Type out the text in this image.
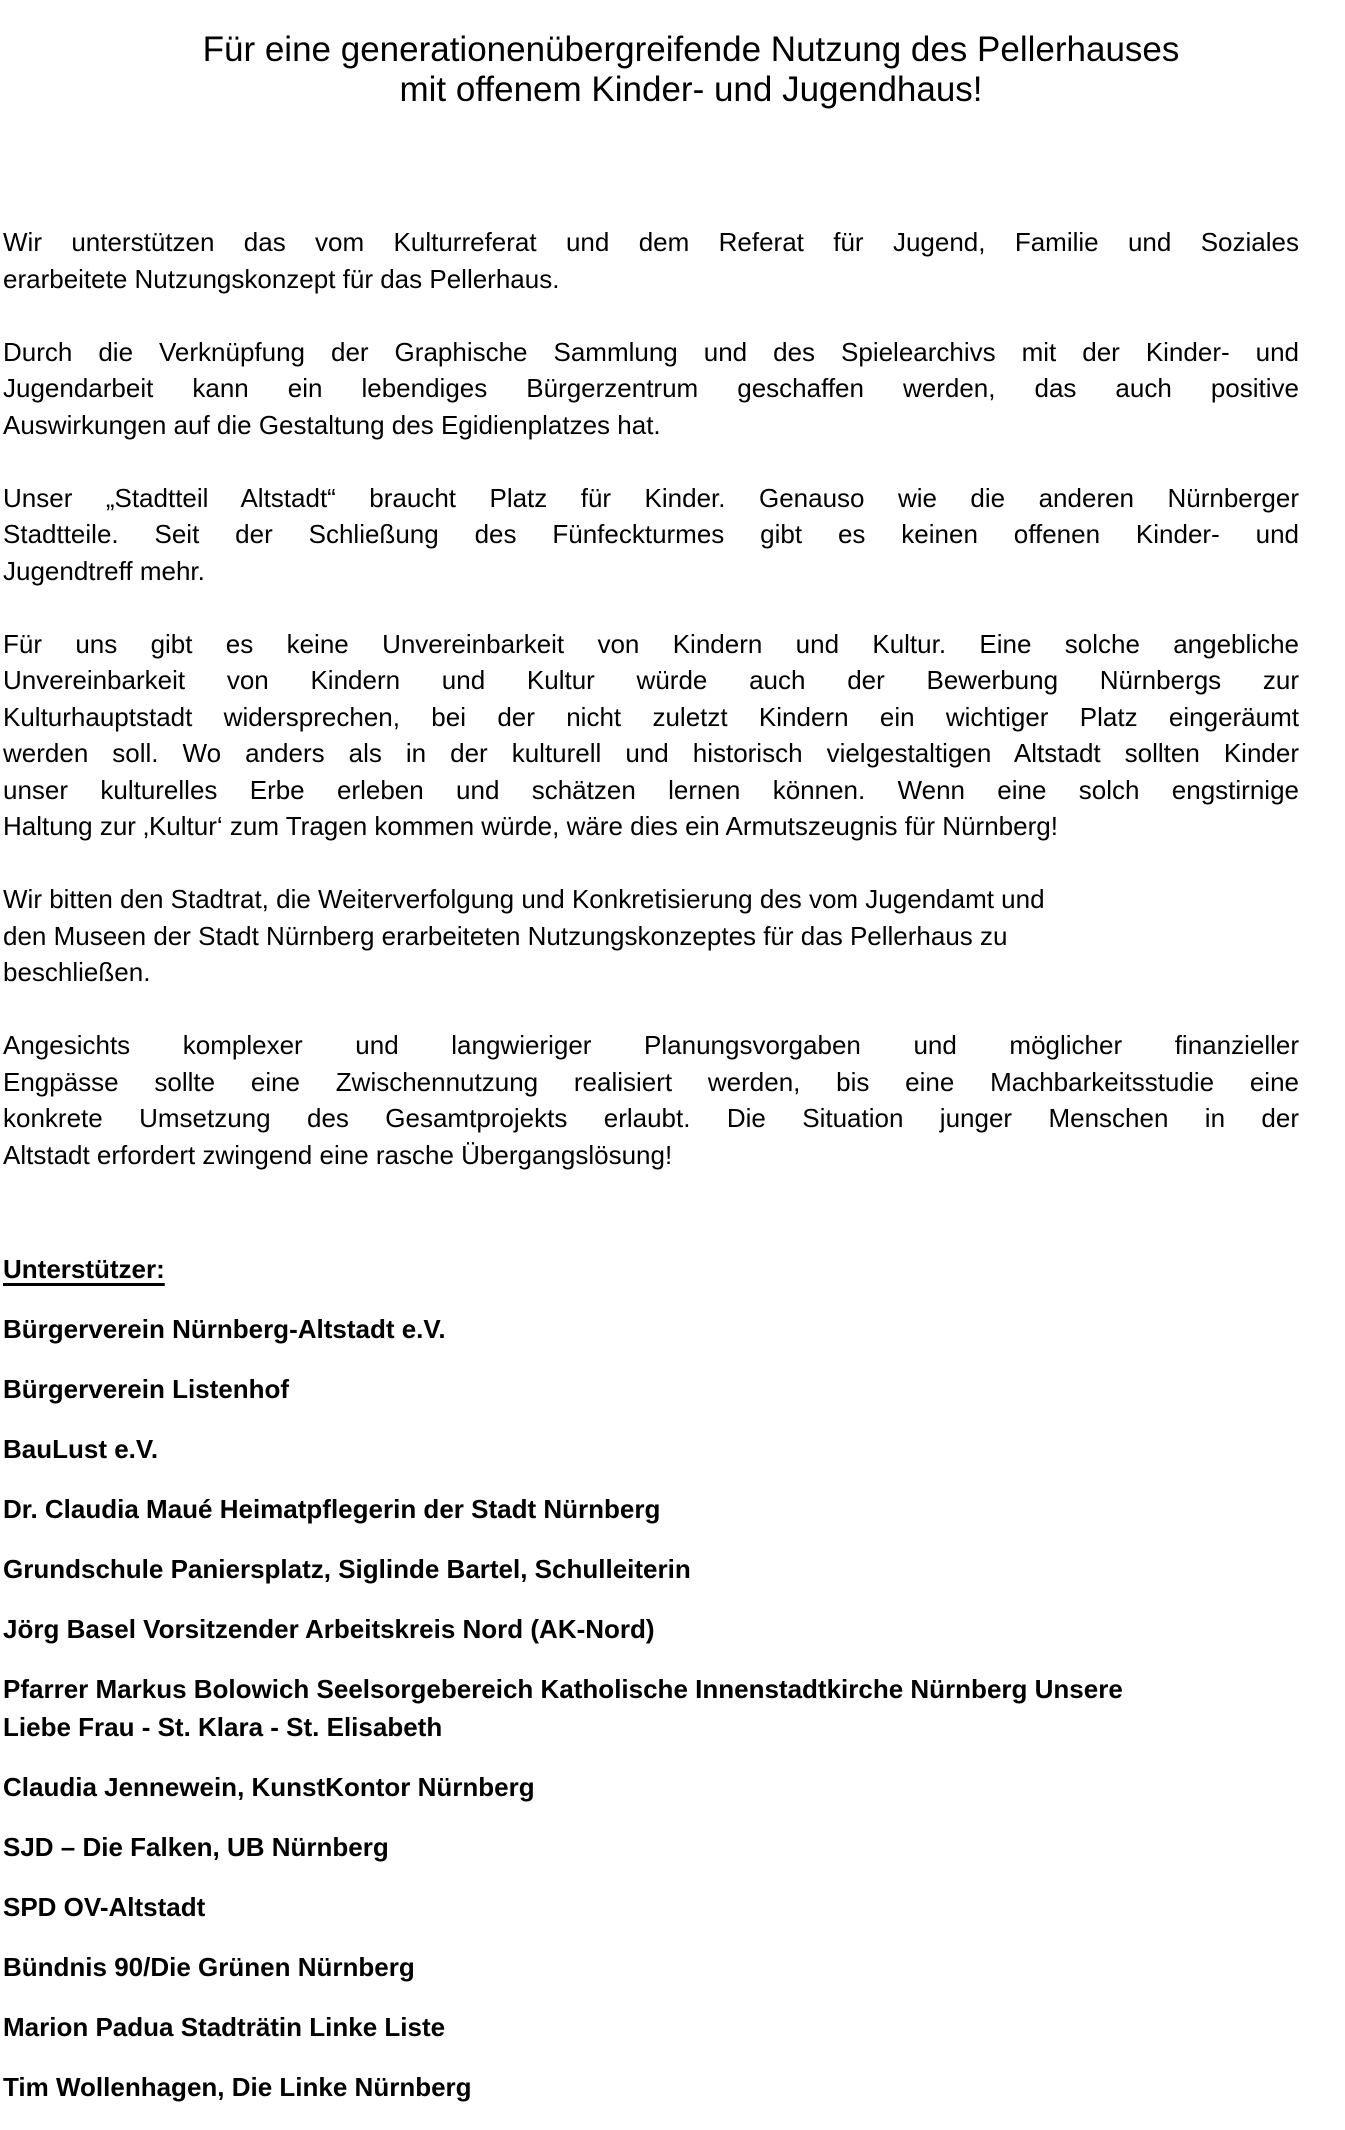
Für eine generationenübergreifende Nutzung des Pellerhauses
mit offenem Kinder- und Jugendhaus!

Wir unterstützen das vom Kulturreferat und dem Referat für Jugend, Familie und Soziales
erarbeitete Nutzungskonzept für das Pellerhaus.

Durch die Verknüpfung der Graphische Sammlung und des Spielearchivs mit der Kinder- und
Jugendarbeit kann ein lebendiges Bürgerzentrum geschaffen werden, das auch positive
Auswirkungen auf die Gestaltung des Egidienplatzes hat.

Unser „Stadtteil Altstadt“ braucht Platz für Kinder. Genauso wie die anderen Nürnberger
Stadtteile. Seit der Schließung des Fünfeckturmes gibt es keinen offenen Kinder- und
Jugendtreff mehr.

Für uns gibt es keine Unvereinbarkeit von Kindern und Kultur. Eine solche angebliche
Unvereinbarkeit von Kindern und Kultur würde auch der Bewerbung Nürnbergs zur
Kulturhauptstadt widersprechen, bei der nicht zuletzt Kindern ein wichtiger Platz eingeräumt
werden soll. Wo anders als in der kulturell und historisch vielgestaltigen Altstadt sollten Kinder
unser kulturelles Erbe erleben und schätzen lernen können. Wenn eine solch engstirnige
Haltung zur ‚Kultur‘ zum Tragen kommen würde, wäre dies ein Armutszeugnis für Nürnberg!

Wir bitten den Stadtrat, die Weiterverfolgung und Konkretisierung des vom Jugendamt und
den Museen der Stadt Nürnberg erarbeiteten Nutzungskonzeptes für das Pellerhaus zu
beschließen.

Angesichts komplexer und langwieriger Planungsvorgaben und möglicher finanzieller
Engpässe sollte eine Zwischennutzung realisiert werden, bis eine Machbarkeitsstudie eine
konkrete Umsetzung des Gesamtprojekts erlaubt. Die Situation junger Menschen in der
Altstadt erfordert zwingend eine rasche Übergangslösung!

Unterstützer:
Bürgerverein Nürnberg-Altstadt e.V.
Bürgerverein Listenhof
BauLust e.V.
Dr. Claudia Maué Heimatpflegerin der Stadt Nürnberg
Grundschule Paniersplatz, Siglinde Bartel, Schulleiterin
Jörg Basel Vorsitzender Arbeitskreis Nord (AK-Nord)
Pfarrer Markus Bolowich Seelsorgebereich Katholische Innenstadtkirche Nürnberg Unsere
Liebe Frau - St. Klara - St. Elisabeth
Claudia Jennewein, KunstKontor Nürnberg
SJD – Die Falken, UB Nürnberg
SPD OV-Altstadt
Bündnis 90/Die Grünen Nürnberg
Marion Padua Stadträtin Linke Liste
Tim Wollenhagen, Die Linke Nürnberg
